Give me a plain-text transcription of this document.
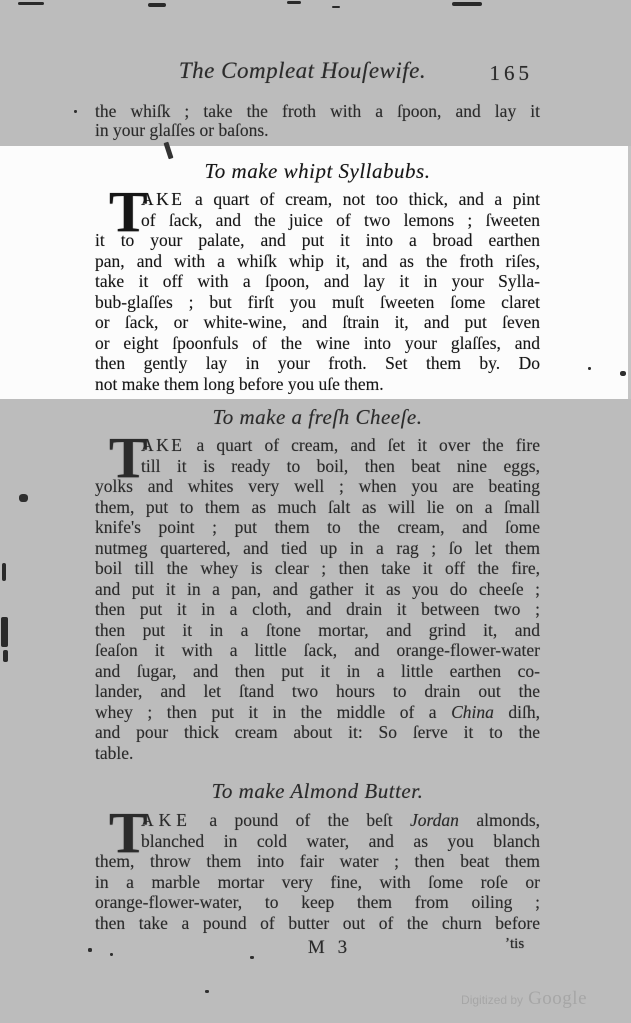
The Compleat Houſewife.	165
the whiſk ; take the froth with a ſpoon, and lay it
in your glaſſes or baſons.
To make whipt Syllabubs.
T
AKE a quart of cream, not too thick, and a pint
of ſack, and the juice of two lemons ; ſweeten
it to your palate, and put it into a broad earthen
pan, and with a whiſk whip it, and as the froth riſes,
take it off with a ſpoon, and lay it in your Sylla-
bub-glaſſes ; but firſt you muſt ſweeten ſome claret
or ſack, or white-wine, and ſtrain it, and put ſeven
or eight ſpoonfuls of the wine into your glaſſes, and
then gently lay in your froth. Set them by. Do
not make them long before you uſe them.
To make a freſh Cheeſe.
T
AKE a quart of cream, and ſet it over the fire
till it is ready to boil, then beat nine eggs,
yolks and whites very well ; when you are beating
them, put to them as much ſalt as will lie on a ſmall
knife's point ; put them to the cream, and ſome
nutmeg quartered, and tied up in a rag ; ſo let them
boil till the whey is clear ; then take it off the fire,
and put it in a pan, and gather it as you do cheeſe ;
then put it in a cloth, and drain it between two ;
then put it in a ſtone mortar, and grind it, and
ſeaſon it with a little ſack, and orange-flower-water
and ſugar, and then put it in a little earthen co-
lander, and let ſtand two hours to drain out the
whey ; then put it in the middle of a China diſh,
and pour thick cream about it: So ſerve it to the
table.
To make Almond Butter.
T
AKE a pound of the beſt Jordan almonds,
blanched in cold water, and as you blanch
them, throw them into fair water ; then beat them
in a marble mortar very fine, with ſome roſe or
orange-flower-water, to keep them from oiling ;
then take a pound of butter out of the churn before
M 3	ʼtis
Digitized by Google
